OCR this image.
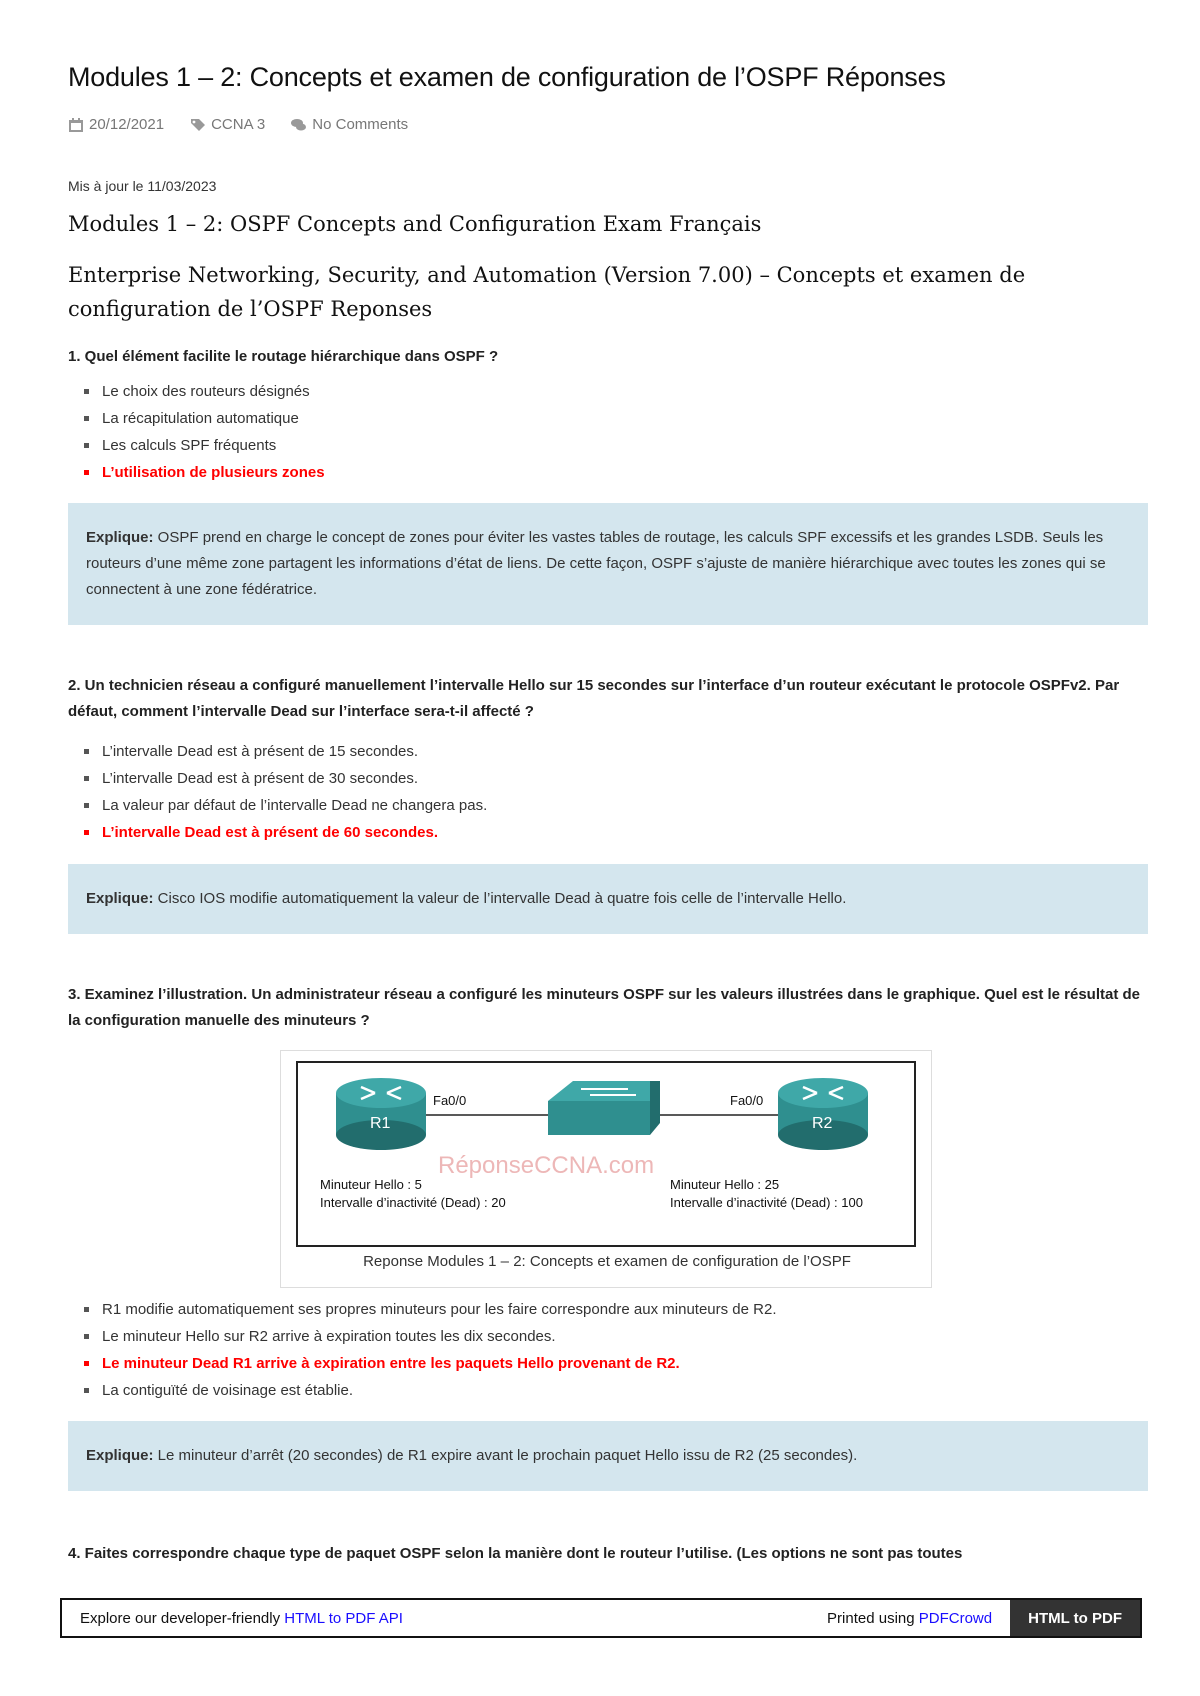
Modules 1 – 2: Concepts et examen de configuration de l’OSPF Réponses
20/12/2021	CCNA 3	No Comments
Mis à jour le 11/03/2023
Modules 1 – 2: OSPF Concepts and Configuration Exam Français
Enterprise Networking, Security, and Automation (Version 7.00) – Concepts et examen de configuration de l’OSPF Reponses

1. Quel élément facilite le routage hiérarchique dans OSPF ?

Le choix des routeurs désignés
La récapitulation automatique
Les calculs SPF fréquents
L’utilisation de plusieurs zones
Explique: OSPF prend en charge le concept de zones pour éviter les vastes tables de routage, les calculs SPF excessifs et les grandes LSDB. Seuls les routeurs d’une même zone partagent les informations d’état de liens. De cette façon, OSPF s’ajuste de manière hiérarchique avec toutes les zones qui se connectent à une zone fédératrice.

2. Un technicien réseau a configuré manuellement l’intervalle Hello sur 15 secondes sur l’interface d’un routeur exécutant le protocole OSPFv2. Par défaut, comment l’intervalle Dead sur l’interface sera-t-il affecté ?

L’intervalle Dead est à présent de 15 secondes.
L’intervalle Dead est à présent de 30 secondes.
La valeur par défaut de l’intervalle Dead ne changera pas.
L’intervalle Dead est à présent de 60 secondes.
Explique: Cisco IOS modifie automatiquement la valeur de l’intervalle Dead à quatre fois celle de l’intervalle Hello.

3. Examinez l’illustration. Un administrateur réseau a configuré les minuteurs OSPF sur les valeurs illustrées dans le graphique. Quel est le résultat de la configuration manuelle des minuteurs ?

R1	R2
Fa0/0	Fa0/0
RéponseCCNA.com
Minuteur Hello : 5
Intervalle d’inactivité (Dead) : 20
Minuteur Hello : 25
Intervalle d’inactivité (Dead) : 100
Reponse Modules 1 – 2: Concepts et examen de configuration de l’OSPF
R1 modifie automatiquement ses propres minuteurs pour les faire correspondre aux minuteurs de R2.
Le minuteur Hello sur R2 arrive à expiration toutes les dix secondes.
Le minuteur Dead R1 arrive à expiration entre les paquets Hello provenant de R2.
La contiguïté de voisinage est établie.
Explique: Le minuteur d’arrêt (20 secondes) de R1 expire avant le prochain paquet Hello issu de R2 (25 secondes).

4. Faites correspondre chaque type de paquet OSPF selon la manière dont le routeur l’utilise. (Les options ne sont pas toutes

Explore our developer-friendly HTML to PDF API	Printed using PDFCrowd	HTML to PDF
